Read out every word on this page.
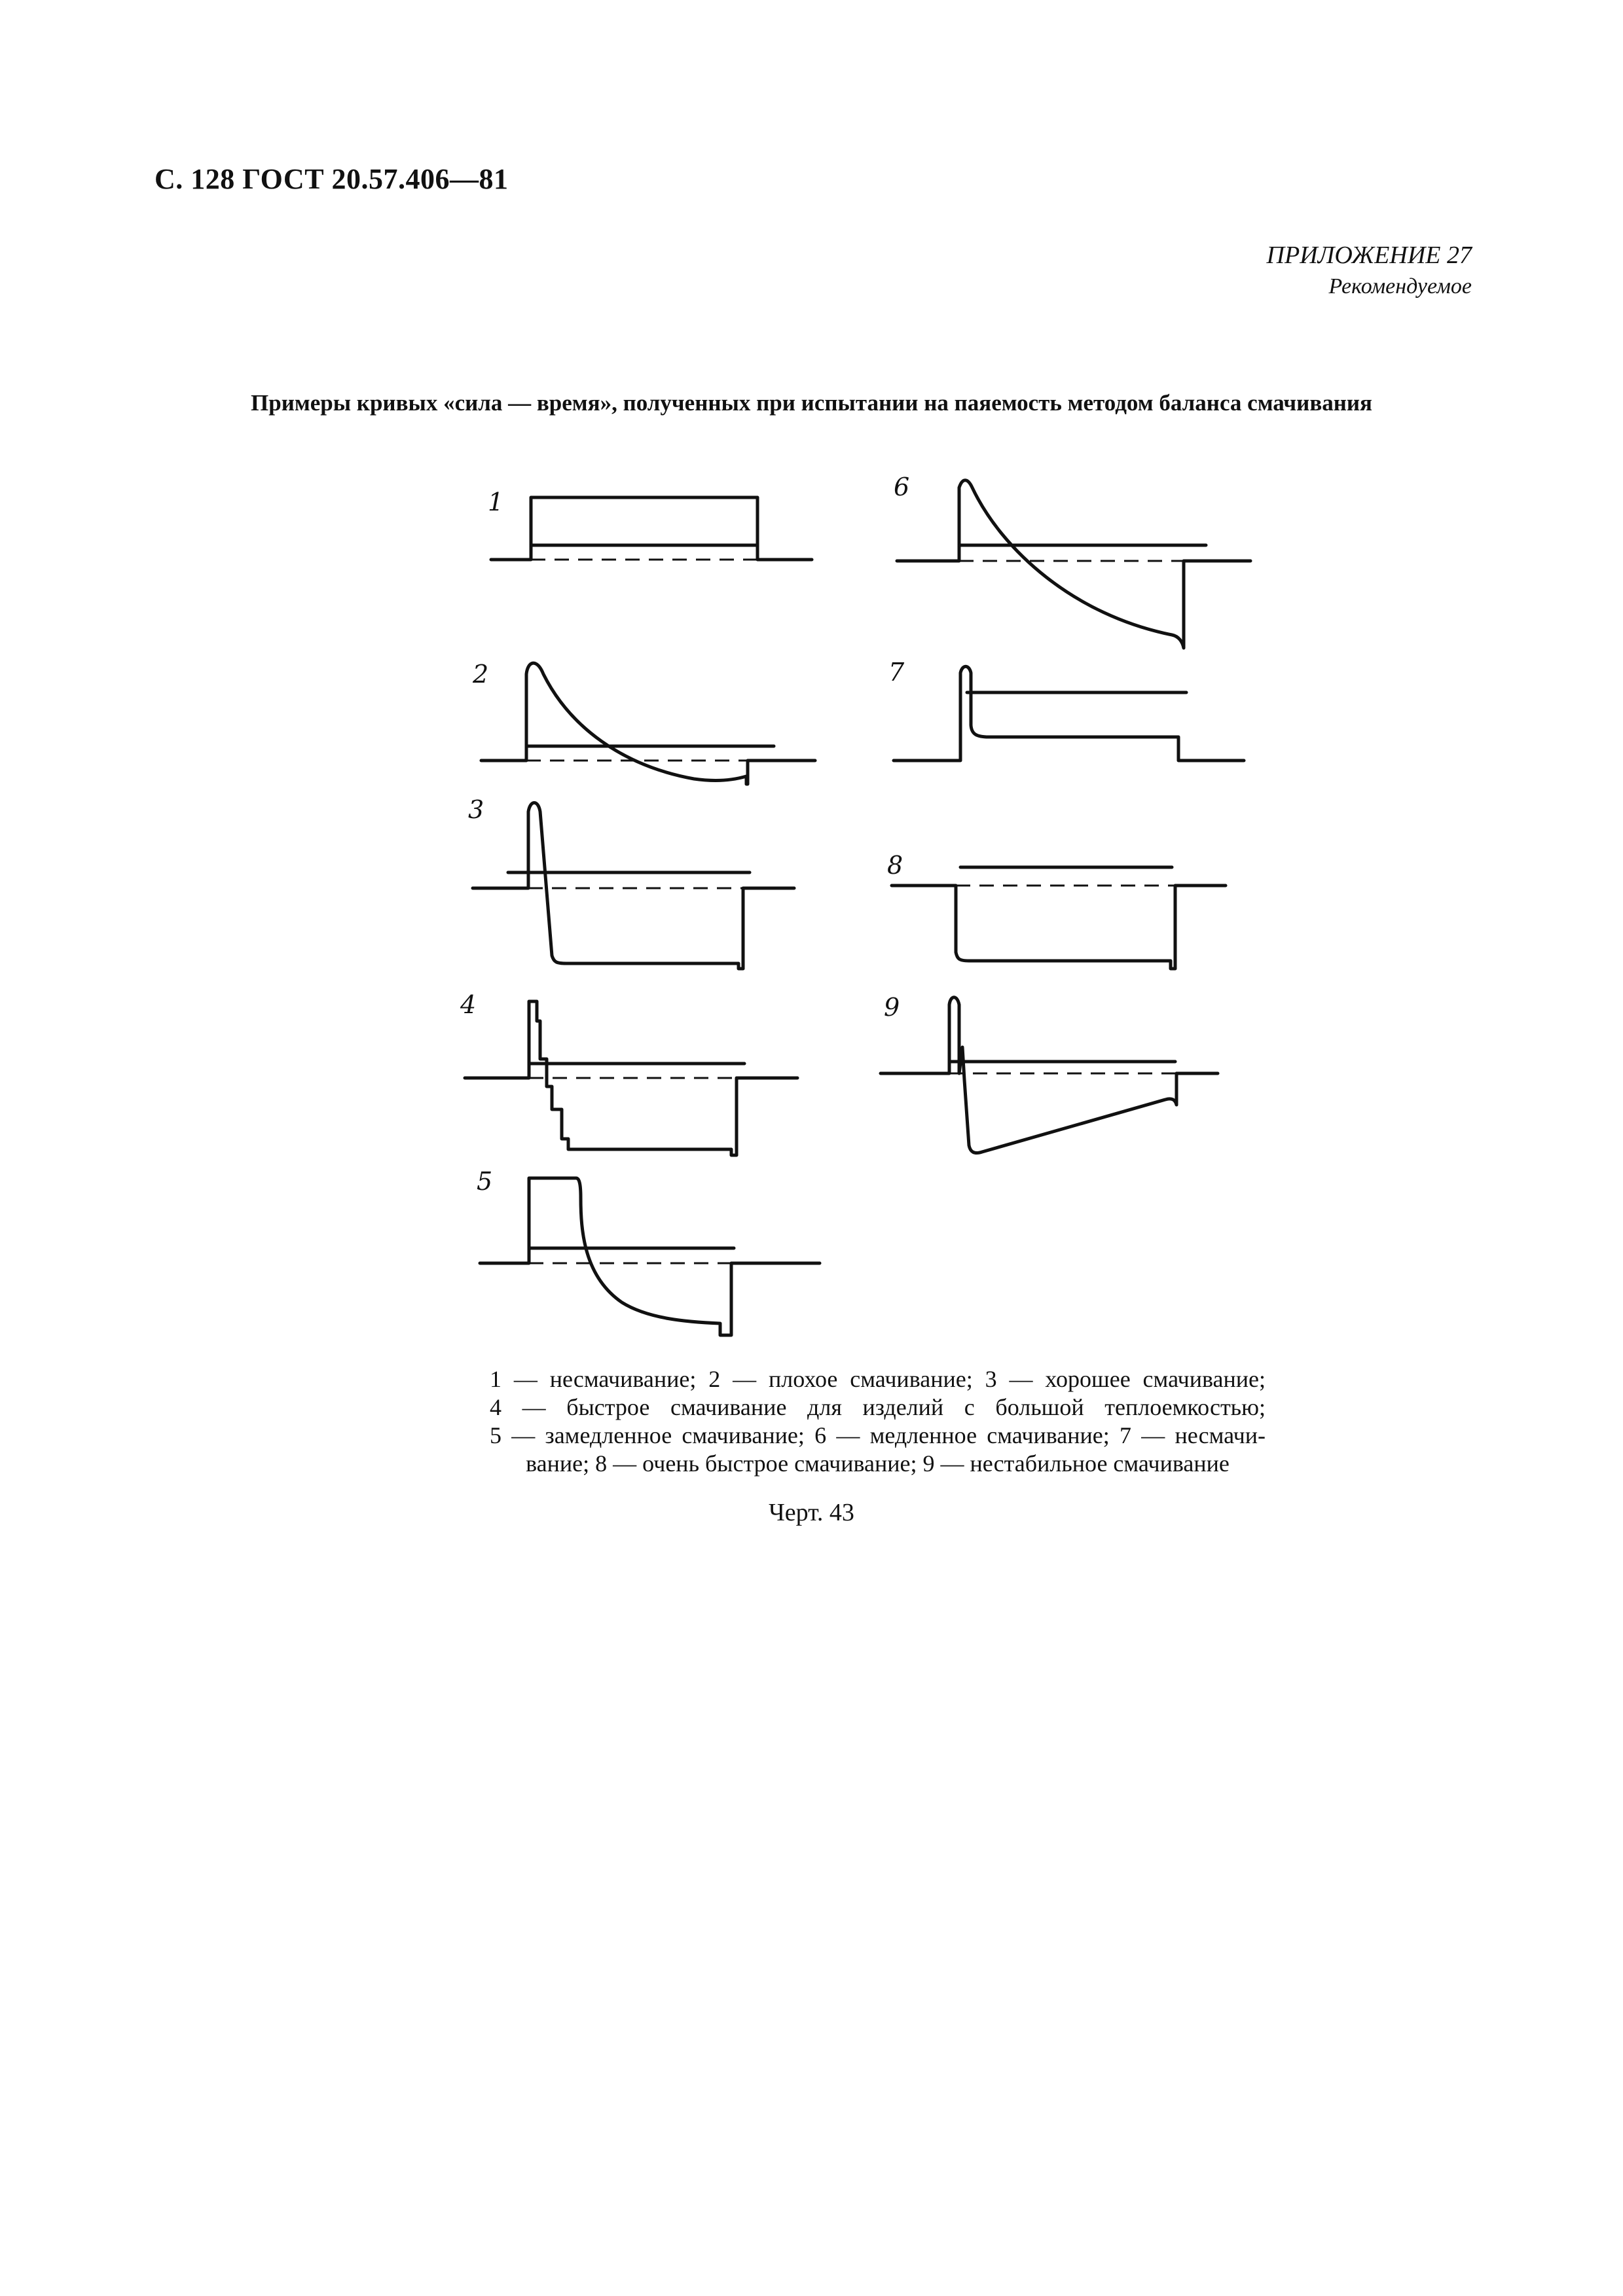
С. 128 ГОСТ 20.57.406—81
ПРИЛОЖЕНИЕ 27
Рекомендуемое
Примеры кривых «сила — время», полученных при испытании на паяемость методом баланса смачивания
1
2
3
4
5
6
7
8
9
1 — несмачивание; 2 — плохое смачивание; 3 — хорошее смачивание;
4 — быстрое смачивание для изделий с большой теплоемкостью;
5 — замедленное смачивание; 6 — медленное смачивание; 7 — несмачи-
вание; 8 — очень быстрое смачивание; 9 — нестабильное смачивание
Черт. 43
